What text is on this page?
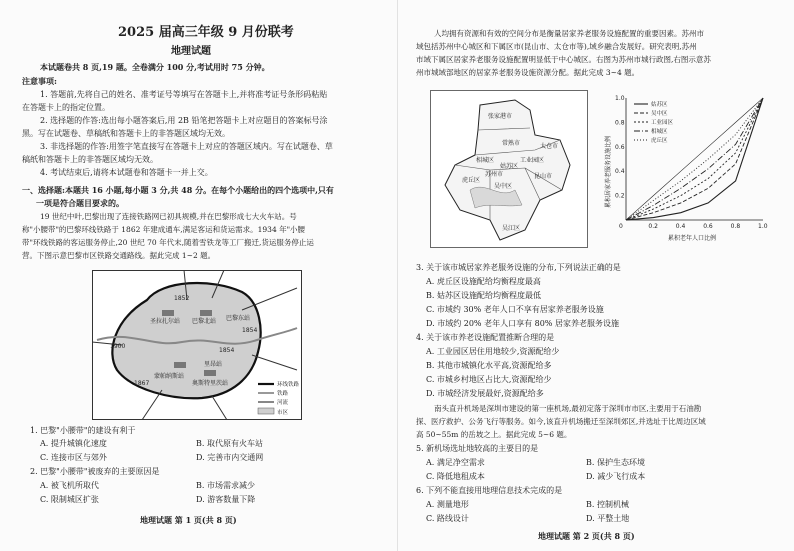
2025 届高三年级 9 月份联考
地理试题
本试题卷共 8 页,19 题。全卷满分 100 分,考试用时 75 分钟。
注意事项:
1. 答题前,先将自己的姓名、准考证号等填写在答题卡上,并将准考证号条形码粘贴
在答题卡上的指定位置。
2. 选择题的作答:选出每小题答案后,用 2B 铅笔把答题卡上对应题目的答案标号涂
黑。写在试题卷、草稿纸和答题卡上的非答题区域均无效。
3. 非选择题的作答:用签字笔直接写在答题卡上对应的答题区域内。写在试题卷、草
稿纸和答题卡上的非答题区域均无效。
4. 考试结束后,请将本试题卷和答题卡一并上交。
一、选择题:本题共 16 小题,每小题 3 分,共 48 分。在每个小题给出的四个选项中,只有
一项是符合题目要求的。
19 世纪中叶,巴黎出现了连接铁路网已初具规模,并在巴黎形成七大火车站。号
称"小腰带"的巴黎环线铁路于 1862 年建成通车,满足客运和货运需求。1934 年"小腰
带"环线铁路的客运服务停止,20 世纪 70 年代末,随着雪铁龙等工厂搬迁,货运服务停止运
营。下图示意巴黎市区铁路交通路线。据此完成 1~2 题。
1852
1854
1900
1867
1854
圣拉扎尔站 巴黎北站 巴黎东站
蒙帕纳斯站
里昂站
奥斯特里茨站	环线铁路
铁路
河流
市区
1. 巴黎"小腰带"的建设有利于
A. 提升城镇化速度	B. 取代原有火车站
C. 连接市区与郊外	D. 完善市内交通网
2. 巴黎"小腰带"被废弃的主要原因是
A. 被飞机所取代	B. 市场需求减少
C. 限制城区扩张	D. 游客数量下降
地理试题 第 1 页(共 8 页)
人均拥有资源和有效的空间分布是衡量居家养老服务设施配置的重要因素。苏州市
域包括苏州中心城区和下属区市(昆山市、太仓市等),域乡融合发展好。研究表明,苏州
市域下属区居家养老服务设施配置明显低于中心城区。右图为苏州市城行政图,右图示意苏
州市城域部地区的居家养老服务设施资源分配。据此完成 3~4 题。
张家港市
常熟市	太仓市
昆山市
姑苏区
吴中区
相城区
吴江区
苏州市
工业园区
虎丘区
0.2	0.4	0.6	0.8	1.0
0.2
0.4
0.6
0.8
1.0
0
累积居家养老服务设施比例
累积老年人口比例
姑苏区
吴中区
工业园区
相城区
虎丘区
3. 关于该市城居家养老服务设施的分布,下列说法正确的是
A. 虎丘区设施配给均衡程度最高
B. 姑苏区设施配给均衡程度最低
C. 市域约 30% 老年人口不享有居家养老服务设施
D. 市域约 20% 老年人口享有 80% 居家养老服务设施
4. 关于该市养老设施配置推断合理的是
A. 工业园区居住用地较少,资源配给少
B. 其他市城镇化水平高,资源配给多
C. 市城乡村地区占比大,资源配给少
D. 市城经济发展最好,资源配给多
南头直升机场是深圳市建设的第一座机场,最初定落于深圳市市区,主要用于石油勘
探、医疗救护、公务飞行等服务。如今,该直升机场搬迁至深圳郊区,并选址于比周边区域
高 50~55m 的岳坡之上。据此完成 5~6 题。
5. 新机场选址地较高的主要目的是
A. 满足净空需求	B. 保护生态环境
C. 降低地租成本	D. 减少飞行成本
6. 下列不能直接用地理信息技术完成的是
A. 测量地形	B. 控制机械
C. 路线设计	D. 平整土地
地理试题 第 2 页(共 8 页)
